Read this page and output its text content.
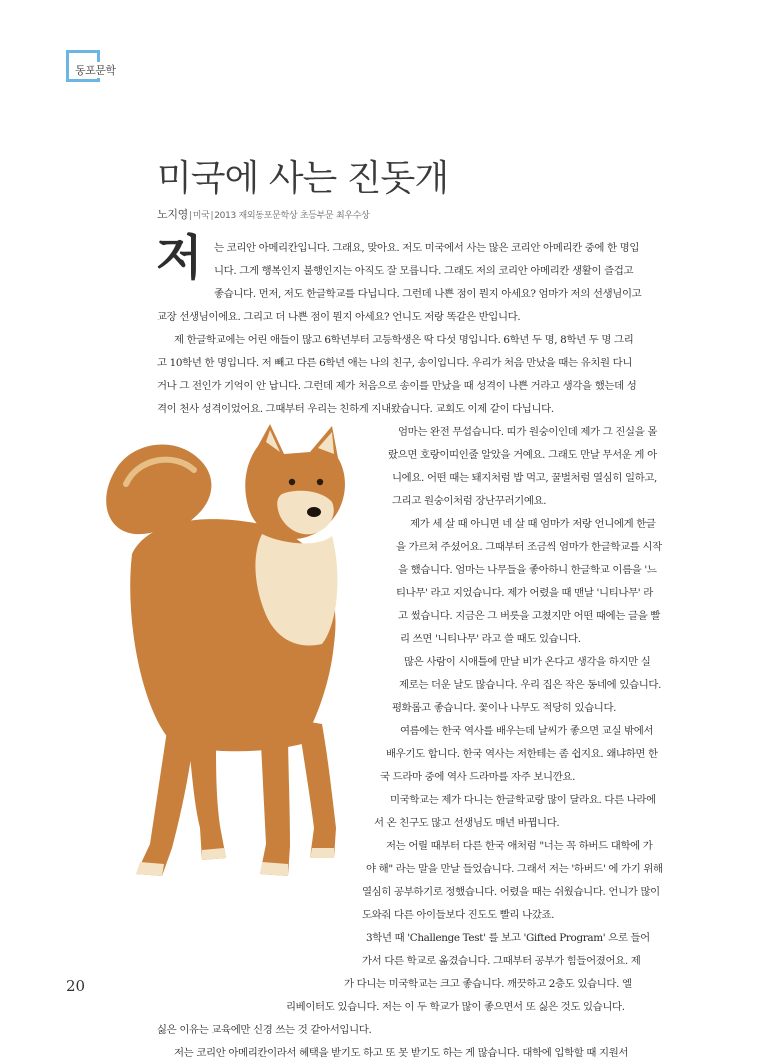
동포문학

미국에 사는 진돗개

노지영|미국|2013 재외동포문학상 초등부문 최우수상

저 는 코리안 아메리칸입니다. 그래요, 맞아요. 저도 미국에서 사는 많은 코리안 아메리칸 중에 한 명입

니다. 그게 행복인지 불행인지는 아직도 잘 모릅니다. 그래도 저의 코리안 아메리칸 생활이 즐겁고

좋습니다. 먼저, 저도 한글학교를 다닙니다. 그런데 나쁜 점이 뭔지 아세요? 엄마가 저의 선생님이고

교장 선생님이에요. 그리고 더 나쁜 점이 뭔지 아세요? 언니도 저랑 똑같은 반입니다.

제 한글학교에는 어린 애들이 많고 6학년부터 고등학생은 딱 다섯 명입니다. 6학년 두 명, 8학년 두 명 그리

고 10학년 한 명입니다. 저 빼고 다른 6학년 애는 나의 친구, 송이입니다. 우리가 처음 만났을 때는 유치원 다니

거나 그 전인가 기억이 안 납니다. 그런데 제가 처음으로 송이를 만났을 때 성격이 나쁜 거라고 생각을 했는데 성

격이 천사 성격이었어요. 그때부터 우리는 친하게 지내왔습니다. 교회도 이제 같이 다닙니다.

엄마는 완전 무섭습니다. 띠가 원숭이인데 제가 그 진실을 몰

랐으면 호랑이띠인줄 알았을 거예요. 그래도 만날 무서운 게 아

니에요. 어떤 때는 돼지처럼 밥 먹고, 꿀벌처럼 열심히 일하고,

그리고 원숭이처럼 장난꾸러기예요.

제가 세 살 때 아니면 네 살 때 엄마가 저랑 언니에게 한글

을 가르쳐 주셨어요. 그때부터 조금씩 엄마가 한글학교를 시작

을 했습니다. 엄마는 나무들을 좋아하니 한글학교 이름을 '느

티나무' 라고 지었습니다. 제가 어렸을 때 맨날 '니티나무' 라

고 썼습니다. 지금은 그 버릇을 고쳤지만 어떤 때에는 글을 빨

리 쓰면 '니티나무' 라고 쓸 때도 있습니다.

많은 사람이 시애틀에 만날 비가 온다고 생각을 하지만 실

제로는 더운 날도 많습니다. 우리 집은 작은 동네에 있습니다.

평화롭고 좋습니다. 꽃이나 나무도 적당히 있습니다.

여름에는 한국 역사를 배우는데 날씨가 좋으면 교실 밖에서

배우기도 합니다. 한국 역사는 저한테는 좀 쉽지요. 왜냐하면 한

국 드라마 중에 역사 드라마를 자주 보니깐요.

미국학교는 제가 다니는 한글학교랑 많이 달라요. 다른 나라에

서 온 친구도 많고 선생님도 매년 바뀝니다.

저는 어릴 때부터 다른 한국 애처럼 "너는 꼭 하버드 대학에 가

야 해" 라는 말을 만날 들었습니다. 그래서 저는 '하버드' 에 가기 위해

열심히 공부하기로 정했습니다. 어렸을 때는 쉬웠습니다. 언니가 많이

도와줘 다른 아이들보다 진도도 빨리 나갔죠.

3학년 때 'Challenge Test' 를 보고 'Gifted Program' 으로 들어

가서 다른 학교로 옮겼습니다. 그때부터 공부가 힘들어졌어요. 제

가 다니는 미국학교는 크고 좋습니다. 깨끗하고 2층도 있습니다. 엘

리베이터도 있습니다. 저는 이 두 학교가 많이 좋으면서 또 싫은 것도 있습니다.

싫은 이유는 교육에만 신경 쓰는 것 같아서입니다.

저는 코리안 아메리칸이라서 혜택을 받기도 하고 또 못 받기도 하는 게 많습니다. 대학에 입학할 때 지원서

20
